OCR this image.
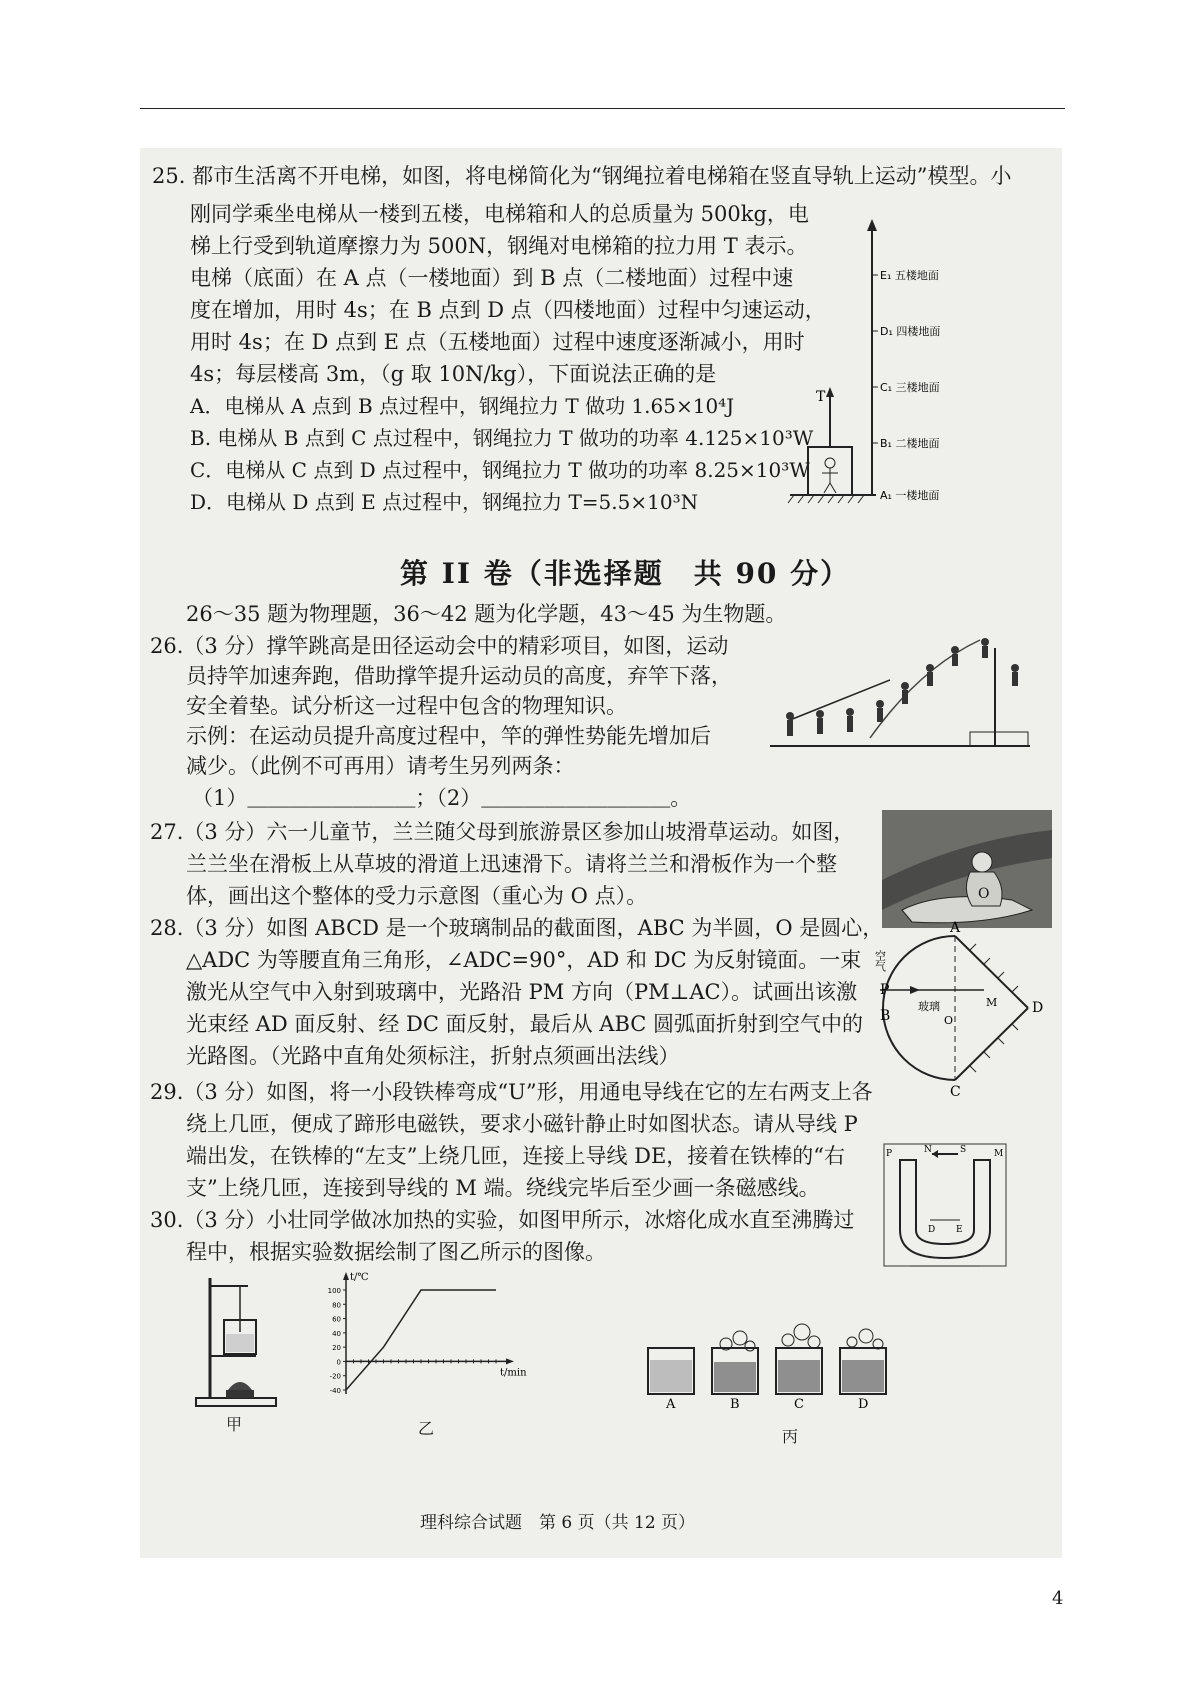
25. 都市生活离不开电梯，如图，将电梯简化为“钢绳拉着电梯箱在竖直导轨上运动”模型。小
刚同学乘坐电梯从一楼到五楼，电梯箱和人的总质量为 500kg，电
梯上行受到轨道摩擦力为 500N，钢绳对电梯箱的拉力用 T 表示。
电梯（底面）在 A 点（一楼地面）到 B 点（二楼地面）过程中速
度在增加，用时 4s；在 B 点到 D 点（四楼地面）过程中匀速运动，
用时 4s；在 D 点到 E 点（五楼地面）过程中速度逐渐减小，用时
4s；每层楼高 3m，（g 取 10N/kg），下面说法正确的是
A．电梯从 A 点到 B 点过程中，钢绳拉力 T 做功 1.65×10⁴J
B. 电梯从 B 点到 C 点过程中，钢绳拉力 T 做功的功率 4.125×10³W
C．电梯从 C 点到 D 点过程中，钢绳拉力 T 做功的功率 8.25×10³W
D．电梯从 D 点到 E 点过程中，钢绳拉力 T=5.5×10³N
T
E₁ 五楼地面
D₁ 四楼地面
C₁ 三楼地面
B₁ 二楼地面
A₁ 一楼地面
第 II 卷（非选择题　共 90 分）
26～35 题为物理题，36～42 题为化学题，43～45 为生物题。
26.（3 分）撑竿跳高是田径运动会中的精彩项目，如图，运动
员持竿加速奔跑，借助撑竿提升运动员的高度，弃竿下落，
安全着垫。试分析这一过程中包含的物理知识。
示例：在运动员提升高度过程中，竿的弹性势能先增加后
减少。（此例不可再用）请考生另列两条：
（1）＿＿＿＿＿＿＿＿；（2）＿＿＿＿＿＿＿＿＿。
27.（3 分）六一儿童节，兰兰随父母到旅游景区参加山坡滑草运动。如图，
兰兰坐在滑板上从草坡的滑道上迅速滑下。请将兰兰和滑板作为一个整
体，画出这个整体的受力示意图（重心为 O 点）。	O
28.（3 分）如图 ABCD 是一个玻璃制品的截面图，ABC 为半圆，O 是圆心，
△ADC 为等腰直角三角形，∠ADC=90°，AD 和 DC 为反射镜面。一束
激光从空气中入射到玻璃中，光路沿 PM 方向（PM⊥AC）。试画出该激
光束经 AD 面反射、经 DC 面反射，最后从 ABC 圆弧面折射到空气中的
光路图。（光路中直角处须标注，折射点须画出法线）
P
A
B
C
D
M
O
玻璃
空气
29.（3 分）如图，将一小段铁棒弯成“U”形，用通电导线在它的左右两支上各
绕上几匝，便成了蹄形电磁铁，要求小磁针静止时如图状态。请从导线 P
端出发，在铁棒的“左支”上绕几匝，连接上导线 DE，接着在铁棒的“右
支”上绕几匝，连接到导线的 M 端。绕线完毕后至少画一条磁感线。
N	S
D E
P	M
30.（3 分）小壮同学做冰加热的实验，如图甲所示，冰熔化成水直至沸腾过
程中，根据实验数据绘制了图乙所示的图像。
甲
-40
-20
0
20
40
60
80
100
t/℃
t/min
乙
A	B	C	D
丙
理科综合试题　第 6 页（共 12 页）
4
